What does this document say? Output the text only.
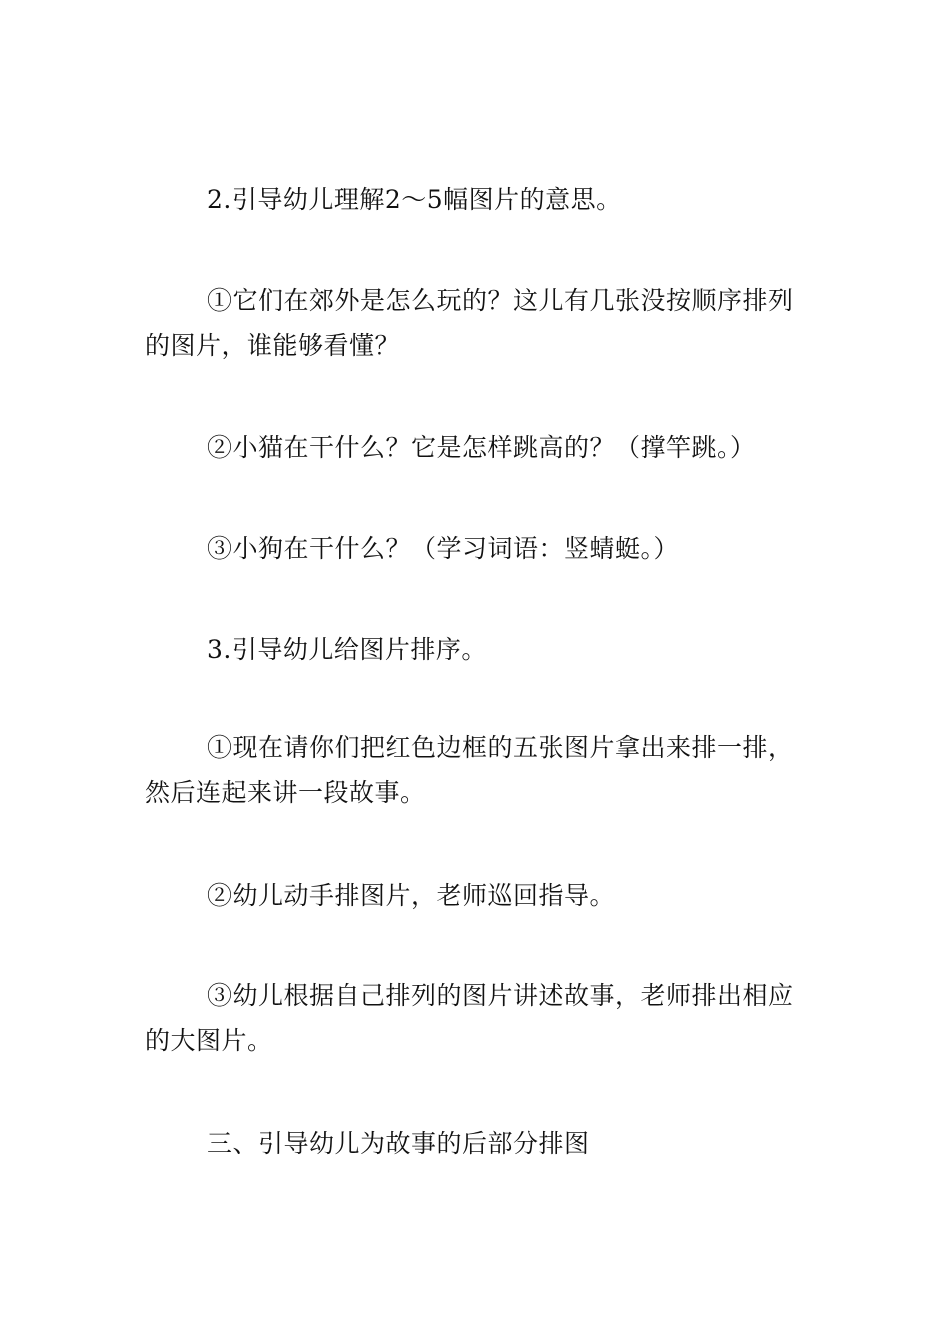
2.引导幼儿理解2～5幅图片的意思。

①它们在郊外是怎么玩的？这儿有几张没按顺序排列的图片，谁能够看懂？

②小猫在干什么？它是怎样跳高的？（撑竿跳。）

③小狗在干什么？（学习词语：竖蜻蜓。）

3.引导幼儿给图片排序。

①现在请你们把红色边框的五张图片拿出来排一排，然后连起来讲一段故事。

②幼儿动手排图片，老师巡回指导。

③幼儿根据自己排列的图片讲述故事，老师排出相应的大图片。

三、引导幼儿为故事的后部分排图
